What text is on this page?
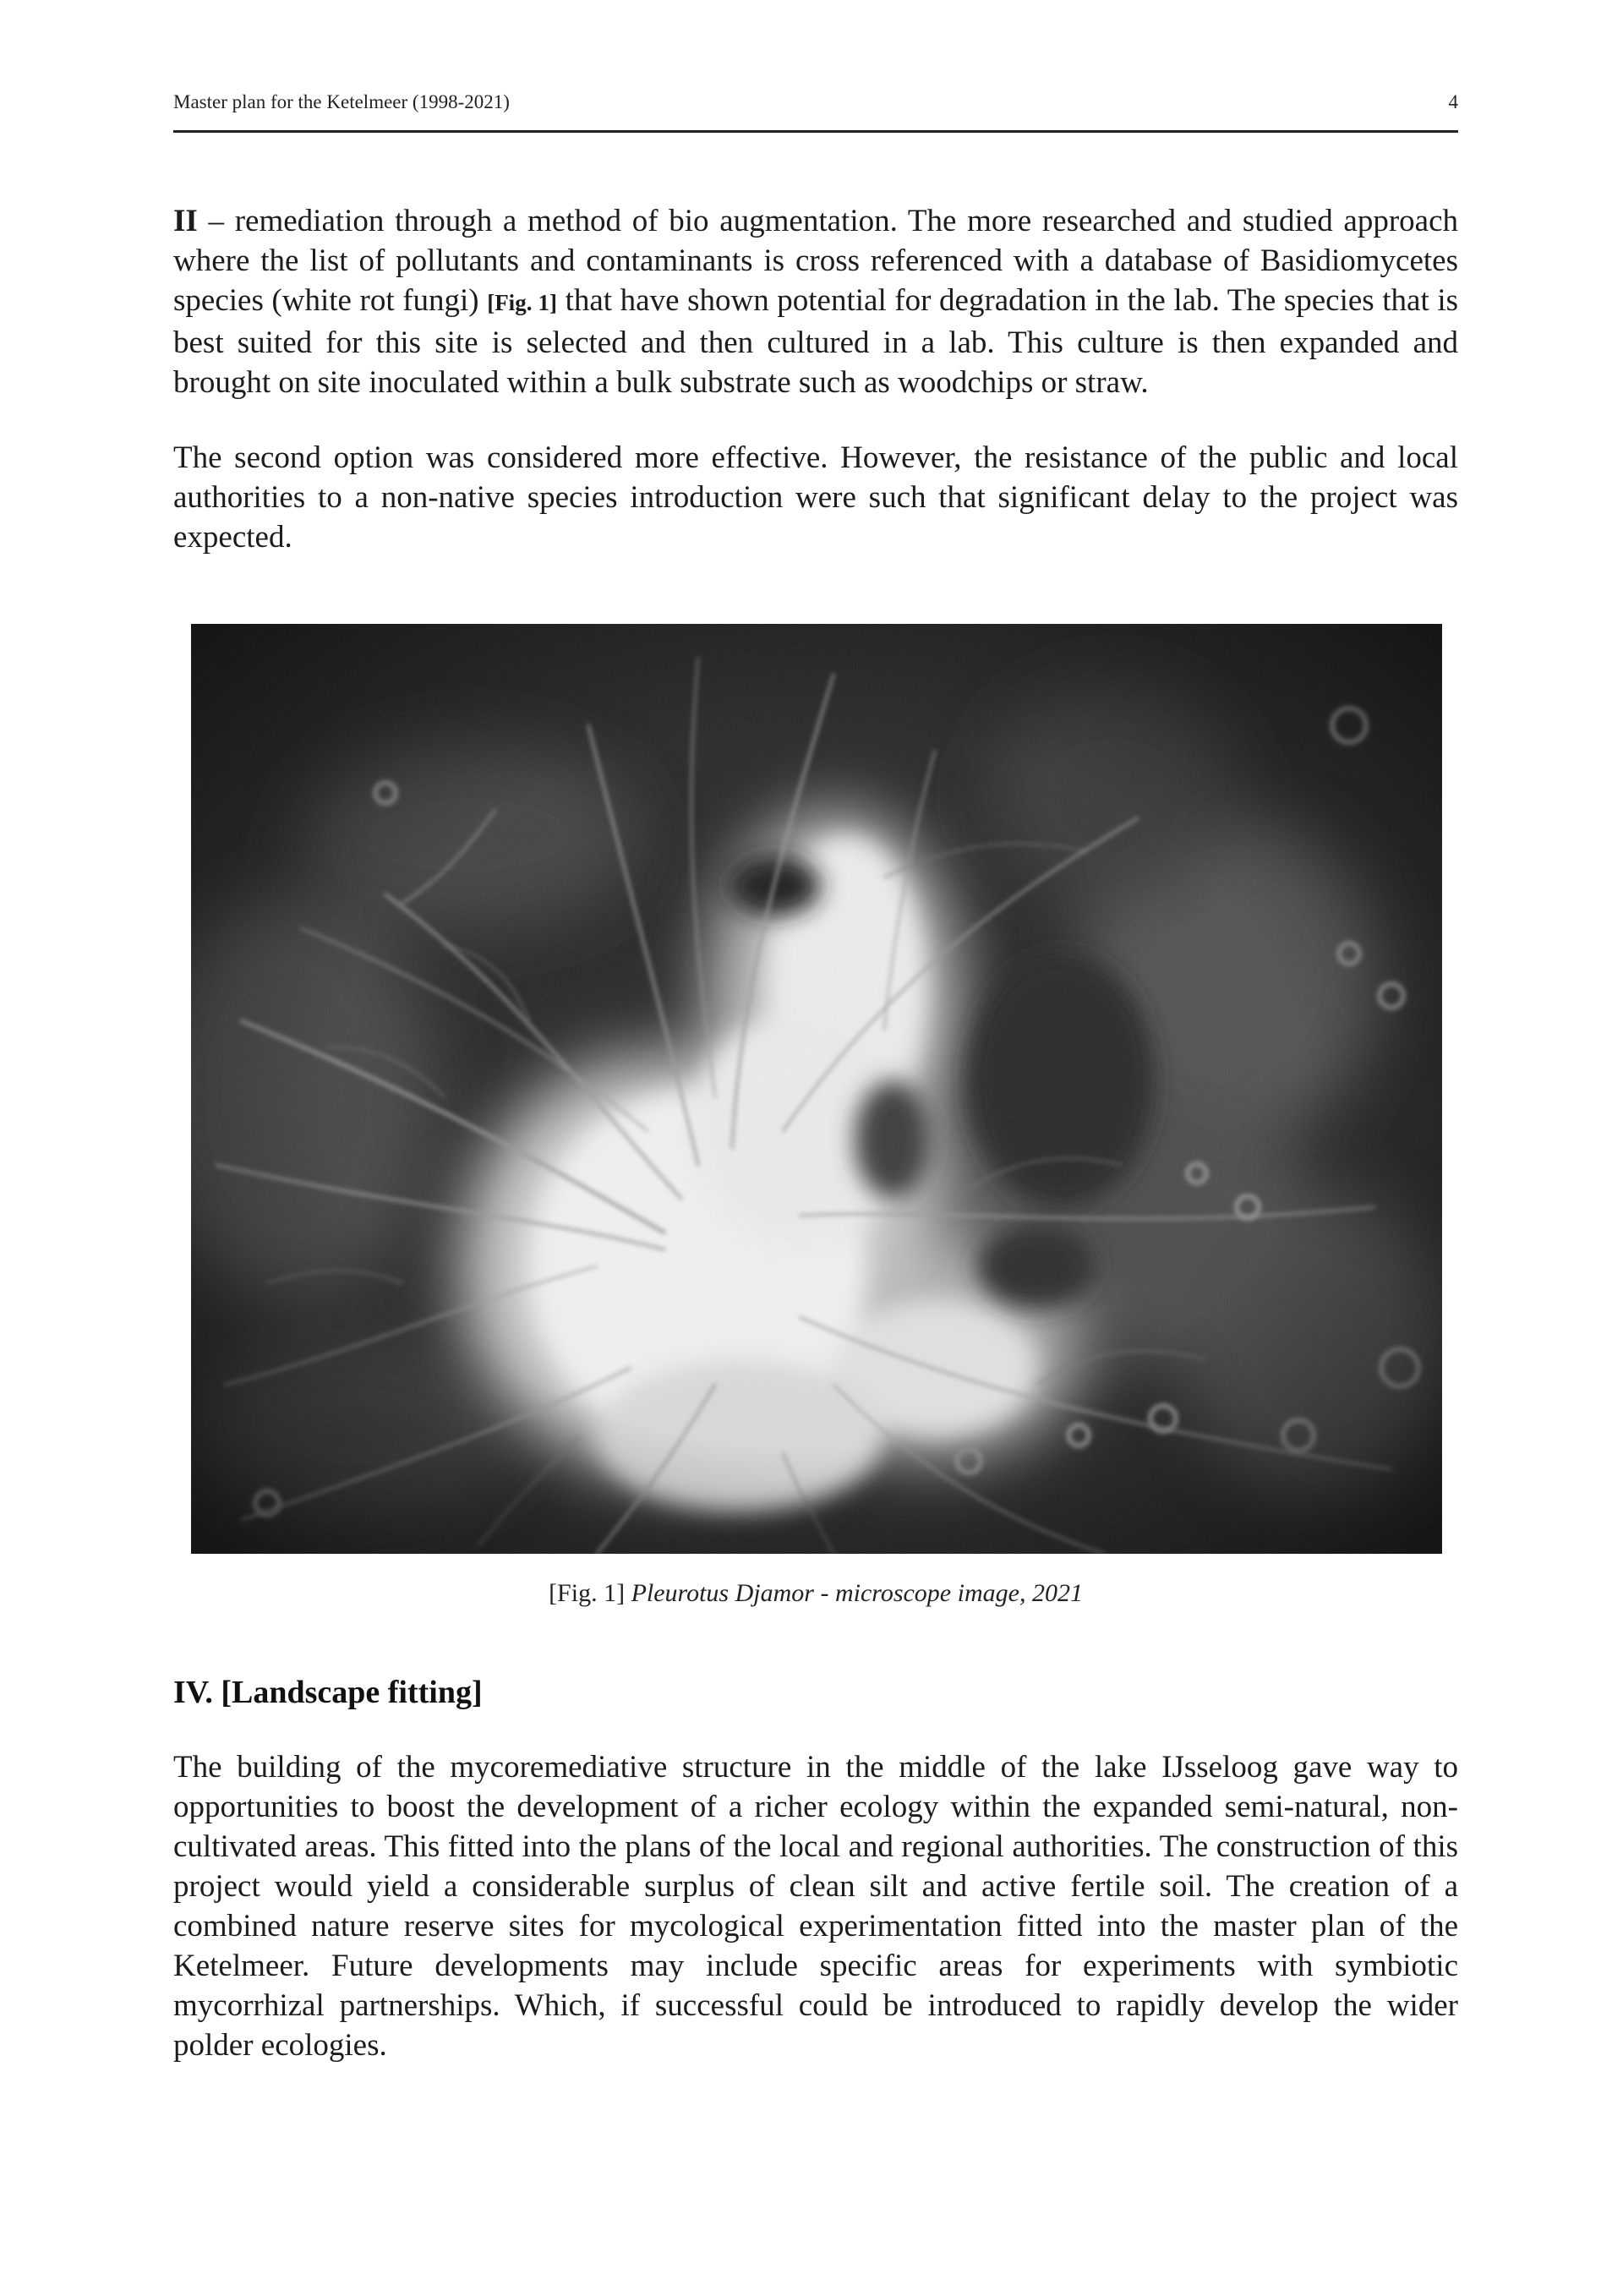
Master plan for the Ketelmeer (1998-2021)	4

II – remediation through a method of bio augmentation. The more researched and studied approach where the list of pollutants and contaminants is cross referenced with a database of Basidiomycetes species (white rot fungi) [Fig. 1] that have shown potential for degradation in the lab. The species that is best suited for this site is selected and then cultured in a lab. This culture is then expanded and brought on site inoculated within a bulk substrate such as woodchips or straw.

The second option was considered more effective. However, the resistance of the public and local authorities to a non-native species introduction were such that significant delay to the project was expected.

[Fig. 1] Pleurotus Djamor - microscope image, 2021
IV. [Landscape fitting]

The building of the mycoremediative structure in the middle of the lake IJsseloog gave way to opportunities to boost the development of a richer ecology within the expanded semi-natural, non-cultivated areas. This fitted into the plans of the local and regional authorities. The construction of this project would yield a considerable surplus of clean silt and active fertile soil. The creation of a combined nature reserve sites for mycological experimentation fitted into the master plan of the Ketelmeer. Future developments may include specific areas for experiments with symbiotic mycorrhizal partnerships. Which, if successful could be introduced to rapidly develop the wider polder ecologies.
